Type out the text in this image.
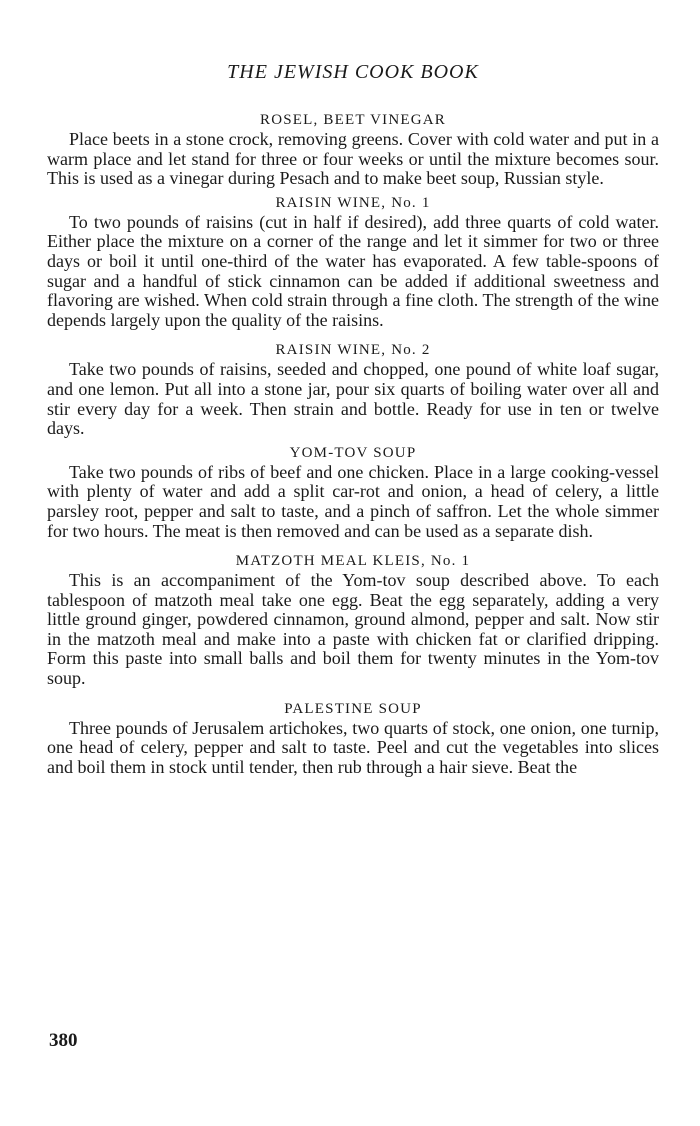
THE JEWISH COOK BOOK
ROSEL, BEET VINEGAR

Place beets in a stone crock, removing greens. Cover with cold water and put in a warm place and let stand for three or four weeks or until the mixture becomes sour. This is used as a vinegar during Pesach and to make beet soup, Russian style.

RAISIN WINE, No. 1

To two pounds of raisins (cut in half if desired), add three quarts of cold water. Either place the mixture on a corner of the range and let it simmer for two or three days or boil it until one-third of the water has evaporated. A few table-spoons of sugar and a handful of stick cinnamon can be added if additional sweetness and flavoring are wished. When cold strain through a fine cloth. The strength of the wine depends largely upon the quality of the raisins.

RAISIN WINE, No. 2

Take two pounds of raisins, seeded and chopped, one pound of white loaf sugar, and one lemon. Put all into a stone jar, pour six quarts of boiling water over all and stir every day for a week. Then strain and bottle. Ready for use in ten or twelve days.

YOM-TOV SOUP

Take two pounds of ribs of beef and one chicken. Place in a large cooking-vessel with plenty of water and add a split car-rot and onion, a head of celery, a little parsley root, pepper and salt to taste, and a pinch of saffron. Let the whole simmer for two hours. The meat is then removed and can be used as a separate dish.

MATZOTH MEAL KLEIS, No. 1

This is an accompaniment of the Yom-tov soup described above. To each tablespoon of matzoth meal take one egg. Beat the egg separately, adding a very little ground ginger, powdered cinnamon, ground almond, pepper and salt. Now stir in the matzoth meal and make into a paste with chicken fat or clarified dripping. Form this paste into small balls and boil them for twenty minutes in the Yom-tov soup.

PALESTINE SOUP

Three pounds of Jerusalem artichokes, two quarts of stock, one onion, one turnip, one head of celery, pepper and salt to taste. Peel and cut the vegetables into slices and boil them in stock until tender, then rub through a hair sieve. Beat the

380
